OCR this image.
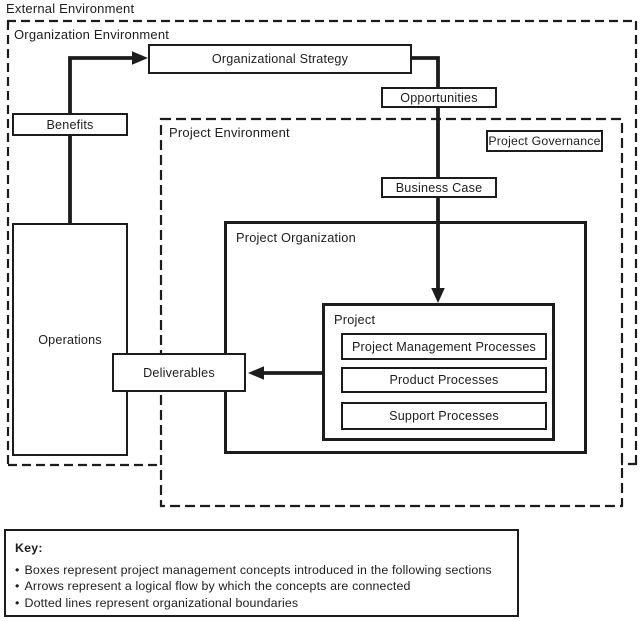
External Environment
Organization Environment
Project Environment
Project Organization
Project
Project Management Processes
Product Processes
Support Processes
Organizational Strategy
Benefits
Opportunities
Project Governance
Business Case
Operations
Deliverables
Key:
• Boxes represent project management concepts introduced in the following sections
• Arrows represent a logical flow by which the concepts are connected
• Dotted lines represent organizational boundaries
